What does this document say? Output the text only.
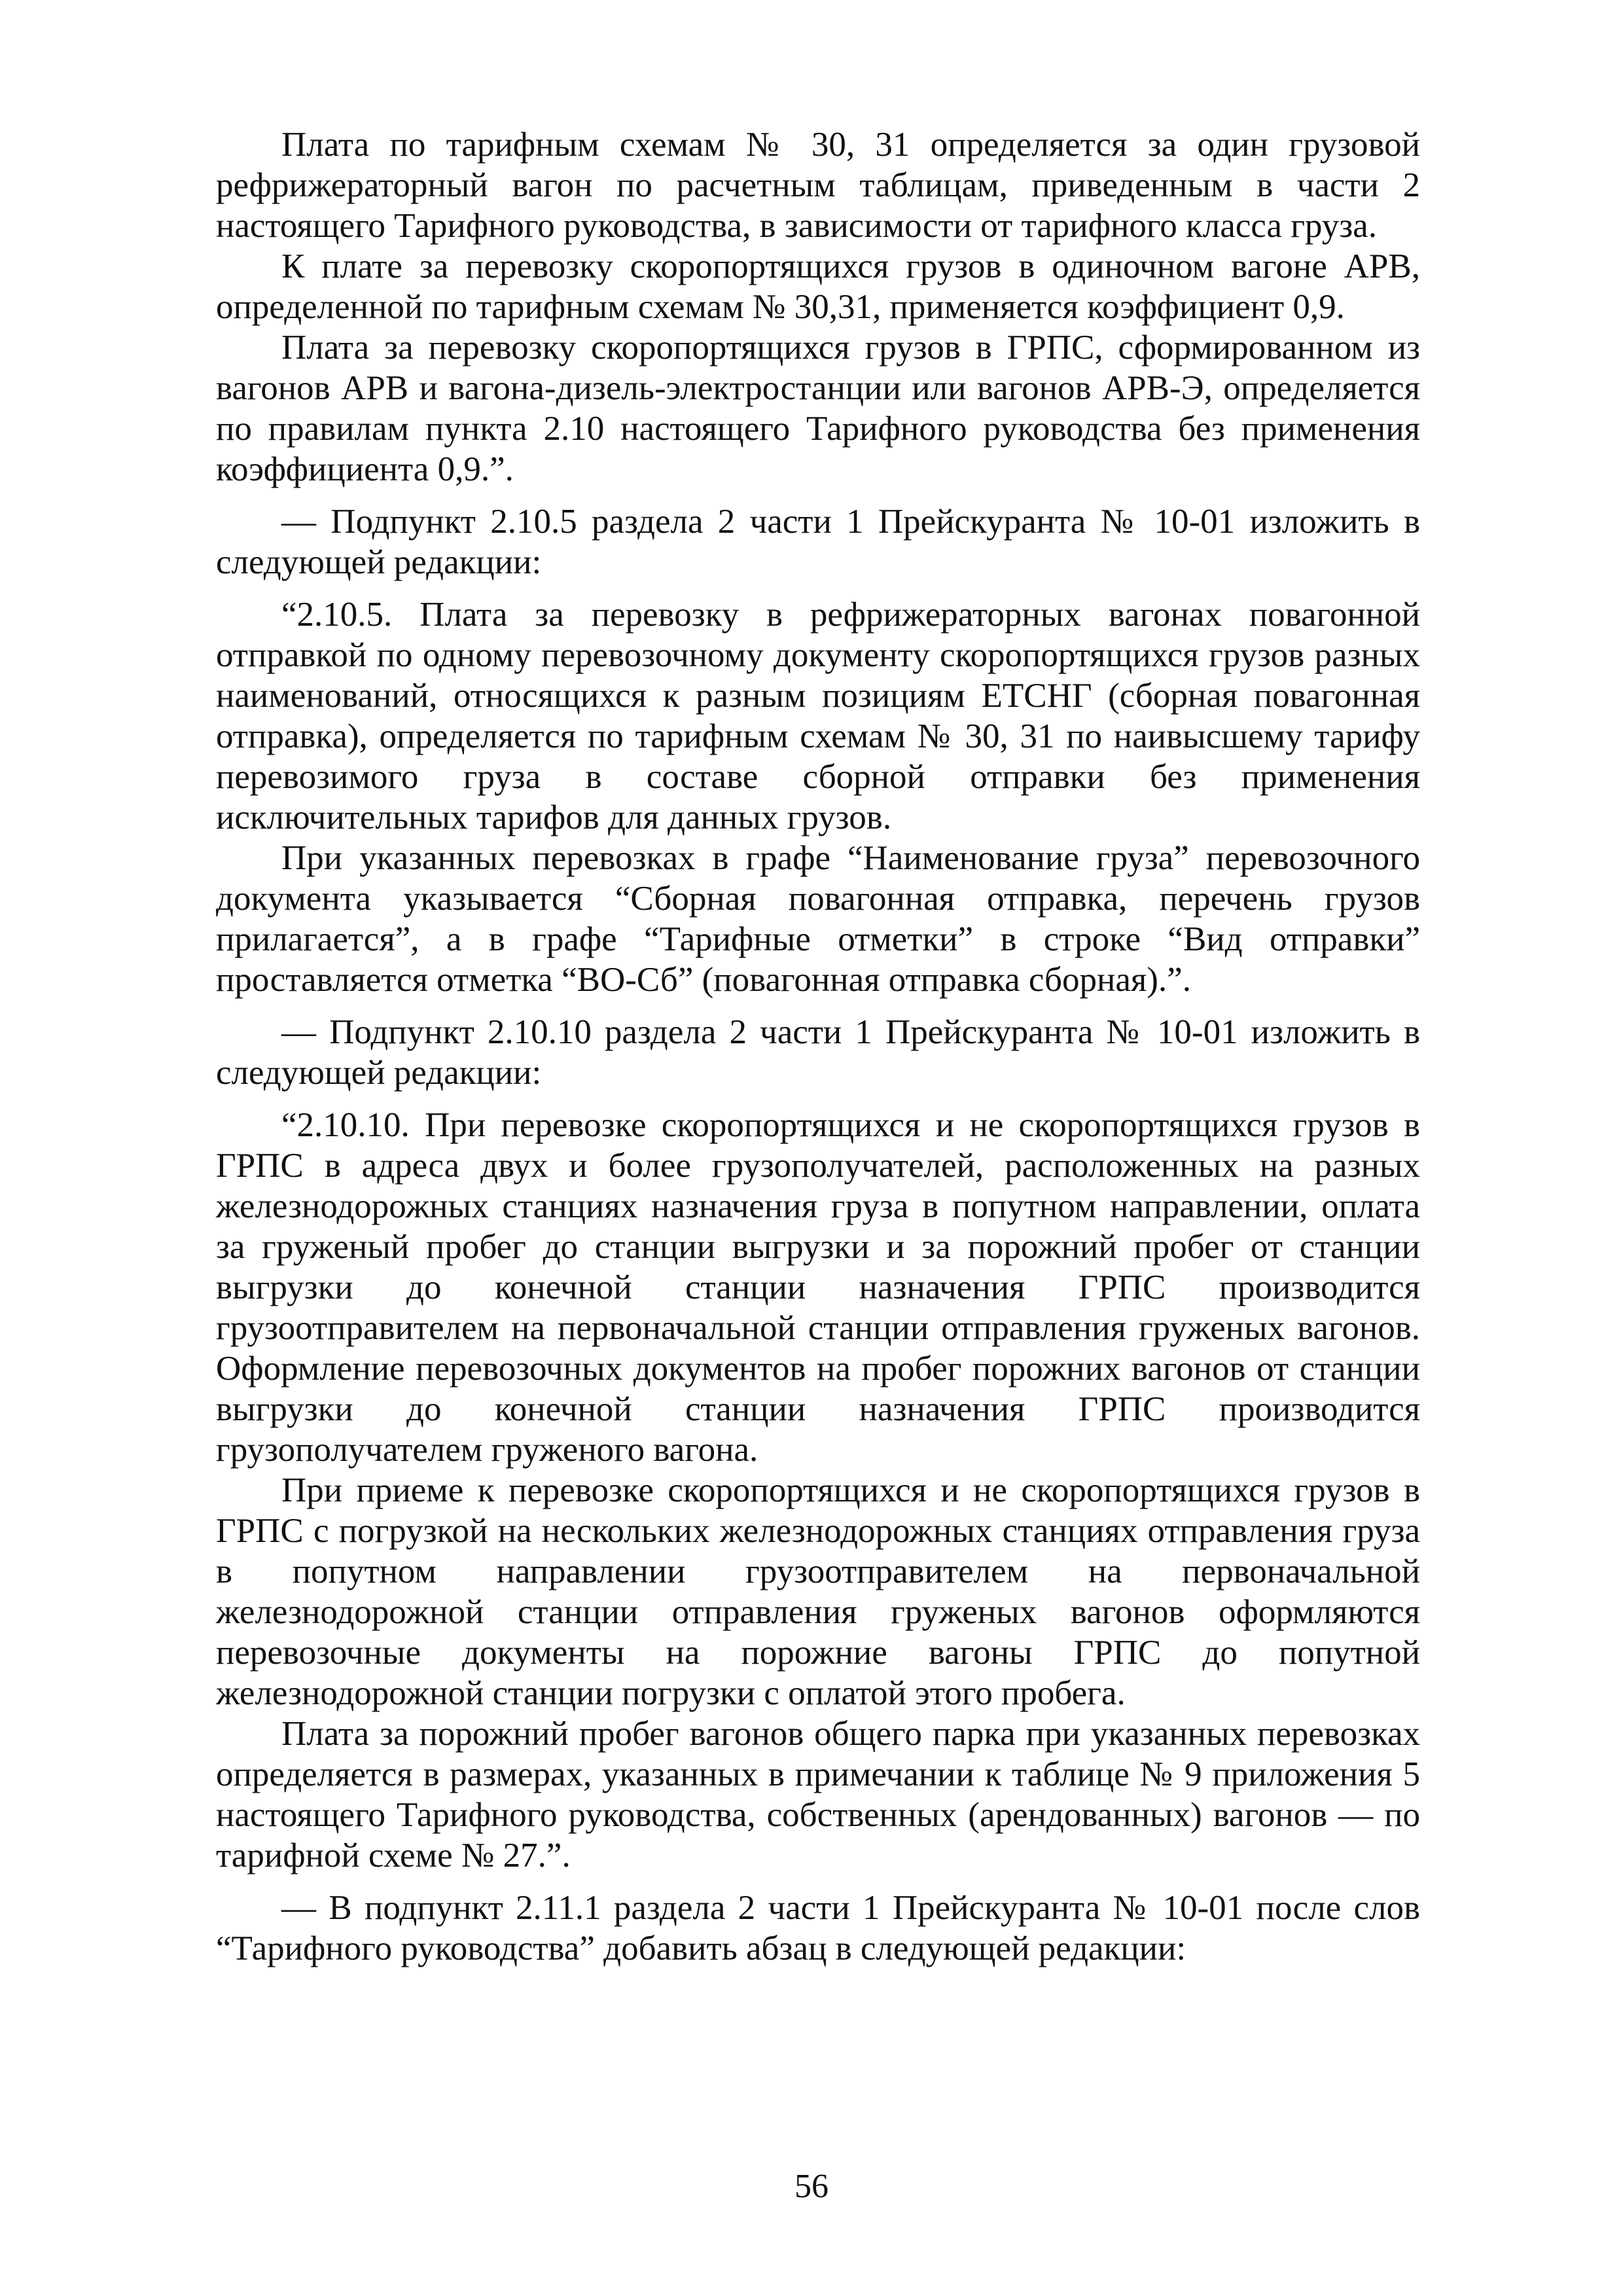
Плата по тарифным схемам № 30, 31 определяется за один грузовой рефрижераторный вагон по расчетным таблицам, приведенным в части 2 настоящего Тарифного руководства, в зависимости от тарифного класса груза.

К плате за перевозку скоропортящихся грузов в одиночном вагоне АРВ, определенной по тарифным схемам № 30,31, применяется коэффициент 0,9.

Плата за перевозку скоропортящихся грузов в ГРПС, сформированном из вагонов АРВ и вагона-дизель-электростанции или вагонов АРВ-Э, определяется по правилам пункта 2.10 настоящего Тарифного руководства без применения коэффициента 0,9.”.

— Подпункт 2.10.5 раздела 2 части 1 Прейскуранта № 10-01 изложить в следующей редакции:

“2.10.5. Плата за перевозку в рефрижераторных вагонах повагонной отправкой по одному перевозочному документу скоропортящихся грузов разных наименований, относящихся к разным позициям ЕТСНГ (сборная повагонная отправка), определяется по тарифным схемам № 30, 31 по наивысшему тарифу перевозимого груза в составе сборной отправки без применения исключительных тарифов для данных грузов.

При указанных перевозках в графе “Наименование груза” перевозочного документа указывается “Сборная повагонная отправка, перечень грузов прилагается”, а в графе “Тарифные отметки” в строке “Вид отправки” проставляется отметка “ВО-Сб” (повагонная отправка сборная).”.

— Подпункт 2.10.10 раздела 2 части 1 Прейскуранта № 10-01 изложить в следующей редакции:

“2.10.10. При перевозке скоропортящихся и не скоропортящихся грузов в ГРПС в адреса двух и более грузополучателей, расположенных на разных железнодорожных станциях назначения груза в попутном направлении, оплата за груженый пробег до станции выгрузки и за порожний пробег от станции выгрузки до конечной станции назначения ГРПС производится грузоотправителем на первоначальной станции отправления груженых вагонов. Оформление перевозочных документов на пробег порожних вагонов от станции выгрузки до конечной станции назначения ГРПС производится грузополучателем груженого вагона.

При приеме к перевозке скоропортящихся и не скоропортящихся грузов в ГРПС с погрузкой на нескольких железнодорожных станциях отправления груза в попутном направлении грузоотправителем на первоначальной железнодорожной станции отправления груженых вагонов оформляются перевозочные документы на порожние вагоны ГРПС до попутной железнодорожной станции погрузки с оплатой этого пробега.

Плата за порожний пробег вагонов общего парка при указанных перевозках определяется в размерах, указанных в примечании к таблице № 9 приложения 5 настоящего Тарифного руководства, собственных (арендованных) вагонов — по тарифной схеме № 27.”.

— В подпункт 2.11.1 раздела 2 части 1 Прейскуранта № 10-01 после слов “Тарифного руководства” добавить абзац в следующей редакции:

56
